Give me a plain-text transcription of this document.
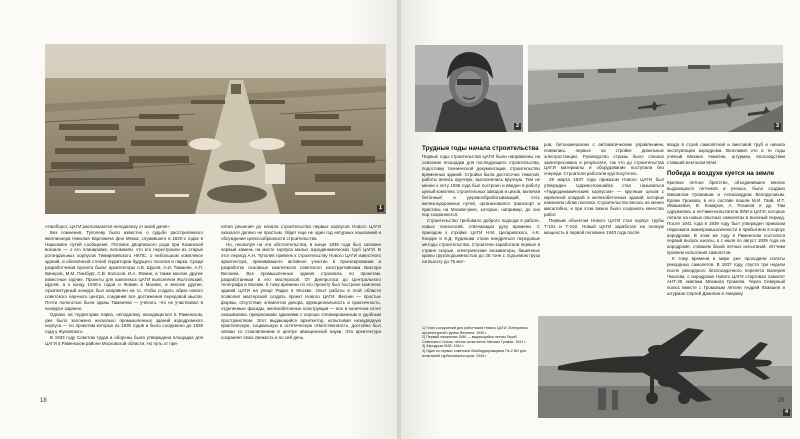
1

«Наоборот, ЦАГИ располагается неподалеку от моей дачи!»

Без сомнения, Туполеву было известно о судьбе расстрелянного миллионера Николая Карловича фон Мекка, служившего в 1920-х годах в Наркомате путей сообщения. Потомок дворянского рода при Казанской вокзале — о его планировке, вспомнили, что его перестроили из старых ротондальных корпусов Тимирязевского НКПС, о небольшом комплексе зданий, и обнесённой стеной территории будущего поселка и парка. Среди разработчиков проекта были: архитекторы А.В. Щусев, А.И. Таманян, А.П. Ванеров, М.М. Гинзбург, С.В. Колосов, И.А. Фомин, а также многие другие известные зодчие. Проекты для комплекса ЦАГИ выполняли Жолтовский, Щусев, а к концу 1930-х годов и Фомин в Москве, и многие другие. Архитектурный конкурс был направлен на то, чтобы создать образ нового советского научного центра, соединив все достижения передовой мысли. Почти полностью были зданы Таманяна — учёного, что не участвовал в конкурсе заранее.

Однако на территории парка, неподалеку находящегося в Раменском, уже было заложено несколько промышленных зданий аэродромного корпуса — по проектам которых из 1930 годов и было сооружено до 1936 года у Жуковского.

В 1933 году Советом труда и обороны была утверждена площадка для ЦАГИ в Раменском районе Московской области. Но путь от при-

нятия решения до начала строительства первых корпусов Нового ЦАГИ оказался далеко не простым. Уйдет еще не один год натурных изысканий и обсуждение целесообразности строительства.

Но, несмотря на эти обстоятельства, в конце 1935 года был заложен первый камень на месте корпуса малых аэродинамических труб ЦАГИ. В этот период А.Н. Туполев привлек к строительству Нового ЦАГИ известного архитектора, принимавшего активное участие в проектировании и разработке основных комплексов советского конструктивизма Виктора Веснина. Все промышленные здания строились по проектам, разработанным в его мастерской. От Днепрогэса до Центрального телеграфа в Москве. К тому времени по его проекту был построен комплекс зданий ЦАГИ на улице Радио в Москве. Опыт работы в этой области позволил мастерской создать проект Нового ЦАГИ. Веснин — простые формы, отсутствие элементов декора, функциональность и практичность, отделенные фасады, железобетонные конструкции — все в конечном итоге оказывались прекрасными зданиями с хорошо спланированным и удобным пространством. Этот выдающийся архитектор, испытывая незаурядную практическую, социальную и эстетическую ответственность, достойно был связан со становлением в центре авиационной науки. Эта архитектура сохраняет свою свежесть и по сей день.

18
2	3
Трудные годы начала строительства

Первые годы строительства ЦАГИ были направлены на освоение площадки для последующего строительства, подготовку технической документации, строительство временных зданий. Стройка была достаточно тяжелой, работы велись вручную, выполнялись вручную. Тем не менее к лету 1936 года был построен и введен в работу целый комплекс строительных заводов и цехов, включая бетонный и деревообрабатывающий, сеть железнодорожных путей, организовался транспорт и пристань на Москве-реке, которые, например, до сих пор сохраняются.

Строительство требовало доброго подхода в работе, новых технологий, отвечающих духу времени. С приездом к стройке ЦАГИ Н.М. Цесаревского, А.К. Кнорре и К.Д. Кудинова стали внедряться передовые методы строительства. Строители заработали первые в стране скорые, электрические экскаваторы, башенные краны грузоподъемностью до 25 тонн с подъемом груза на высоту до 75 мет-

ров, бетономешалки с автоматическим управлением, появились первые на стройке дизельные электростанции. Руководство страны было спешно заинтересовано в результате, так что до строительства ЦАГИ материалы и оборудование поступали без очереди. Строители работали круглосуточно.

29 марта 1937 года приказом Нового ЦАГИ был утвержден. Царево-Кокшайск стал называться «Гидродинамическим корпусом» — крупным цехом с кирпичной кладкой и железобетонных зданий, которые изменили облик поселка. Строительство велось не менее масштабно, и при этом важно было сохранить качество работ.

Первым объектом Нового ЦАГИ стал корпус трубы Т-101 и Т-102. Новый ЦАГИ заработал на полную мощность в первой половине 1940 года после

ввода в строй самолётной и винтовой труб и начала эксплуатации аэродрома. Возглавил его в те годы учёный Михаил Никитин, штурман, впоследствии ставший ректором МАИ.

Победа в воздухе куется на земле

Крепкое летное братство, объединившее многих выдающихся летчиков и ученых, было создано Михаилом Громовым и Александром Белорусовым. Кроме Громова, в его составе вошли М.И. Гаяй, И.Т. Ивашкевич, В. Комаров, А. Розанов и др. Там сдружились и летчики-испытатели ЛИИ и ЦАГИ, которые летали на новых опытных самолетах в военный период. После 1941 года в 1939 году был утвержден приказом Наркомата авиапромышленности в прибытием в корпус аэродрома. В этом же году в Раменском состоялся первый выпуск школы, а с июля по август 1939 года на аэродроме, ставшем базой летных испытаний, лётчики провели испытания самолетов.

К тому времени в мире уже проходили полеты рекордных самолетов. В 1937 году, спустя три недели после рекордного беспосадочного перелета Валерия Чкалова, с аэродрома Нового ЦАГИ стартовал самолет АНТ-25 экипажа Михаила Громова. Через Северный полюс вместе с Громовым летели Андрей Юмашев и штурман Сергей Данилин в Америку.

1) План сооружений для работников Нового ЦАГИ. Материалы архитектурной группы Веснина. 1935 г.
2) Первый начальник ЛИИ — выдающийся летчик Герой Советского Союза, летчик-испытатель Михаил Громов. 1941 г.
3) Аэродром ЛИИ. 1941 г.
4) Один из первых советских бомбардировщиков Пе-2 ВИ для испытаний турбокомпрессоров. 1944 г.
4
19
